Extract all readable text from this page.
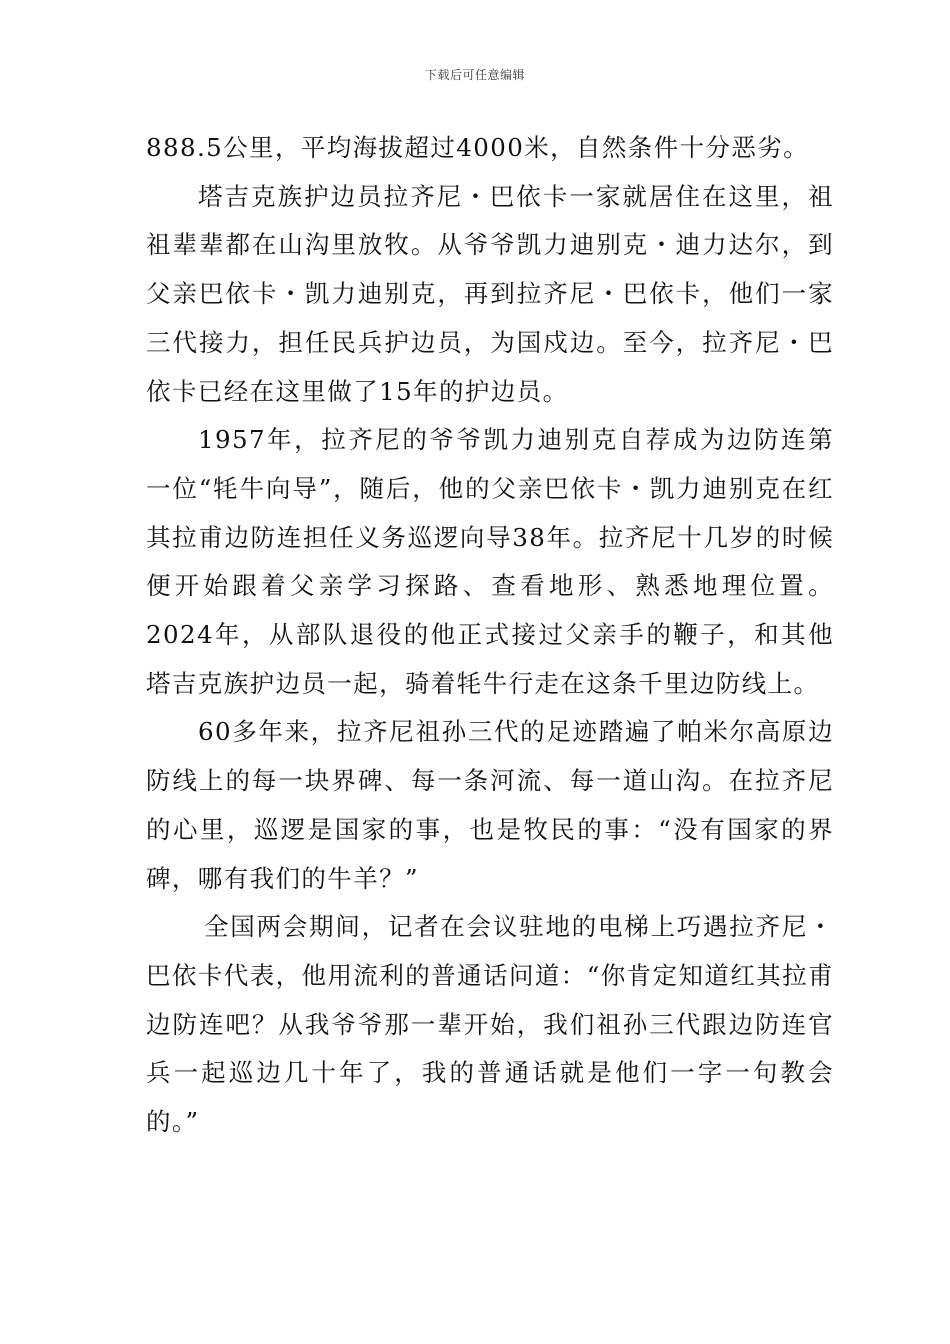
下载后可任意编辑

888.5公里，平均海拔超过4000米，自然条件十分恶劣。

塔吉克族护边员拉齐尼・巴依卡一家就居住在这里，祖祖辈辈都在山沟里放牧。从爷爷凯力迪别克・迪力达尔，到父亲巴依卡・凯力迪别克，再到拉齐尼・巴依卡，他们一家三代接力，担任民兵护边员，为国戍边。至今，拉齐尼・巴依卡已经在这里做了15年的护边员。

1957年，拉齐尼的爷爷凯力迪别克自荐成为边防连第一位“牦牛向导”，随后，他的父亲巴依卡・凯力迪别克在红其拉甫边防连担任义务巡逻向导38年。拉齐尼十几岁的时候便开始跟着父亲学习探路、查看地形、熟悉地理位置。2024年，从部队退役的他正式接过父亲手的鞭子，和其他塔吉克族护边员一起，骑着牦牛行走在这条千里边防线上。

60多年来，拉齐尼祖孙三代的足迹踏遍了帕米尔高原边防线上的每一块界碑、每一条河流、每一道山沟。在拉齐尼的心里，巡逻是国家的事，也是牧民的事：“没有国家的界碑，哪有我们的牛羊？”

全国两会期间，记者在会议驻地的电梯上巧遇拉齐尼・巴依卡代表，他用流利的普通话问道：“你肯定知道红其拉甫边防连吧？从我爷爷那一辈开始，我们祖孙三代跟边防连官兵一起巡边几十年了，我的普通话就是他们一字一句教会的。”
